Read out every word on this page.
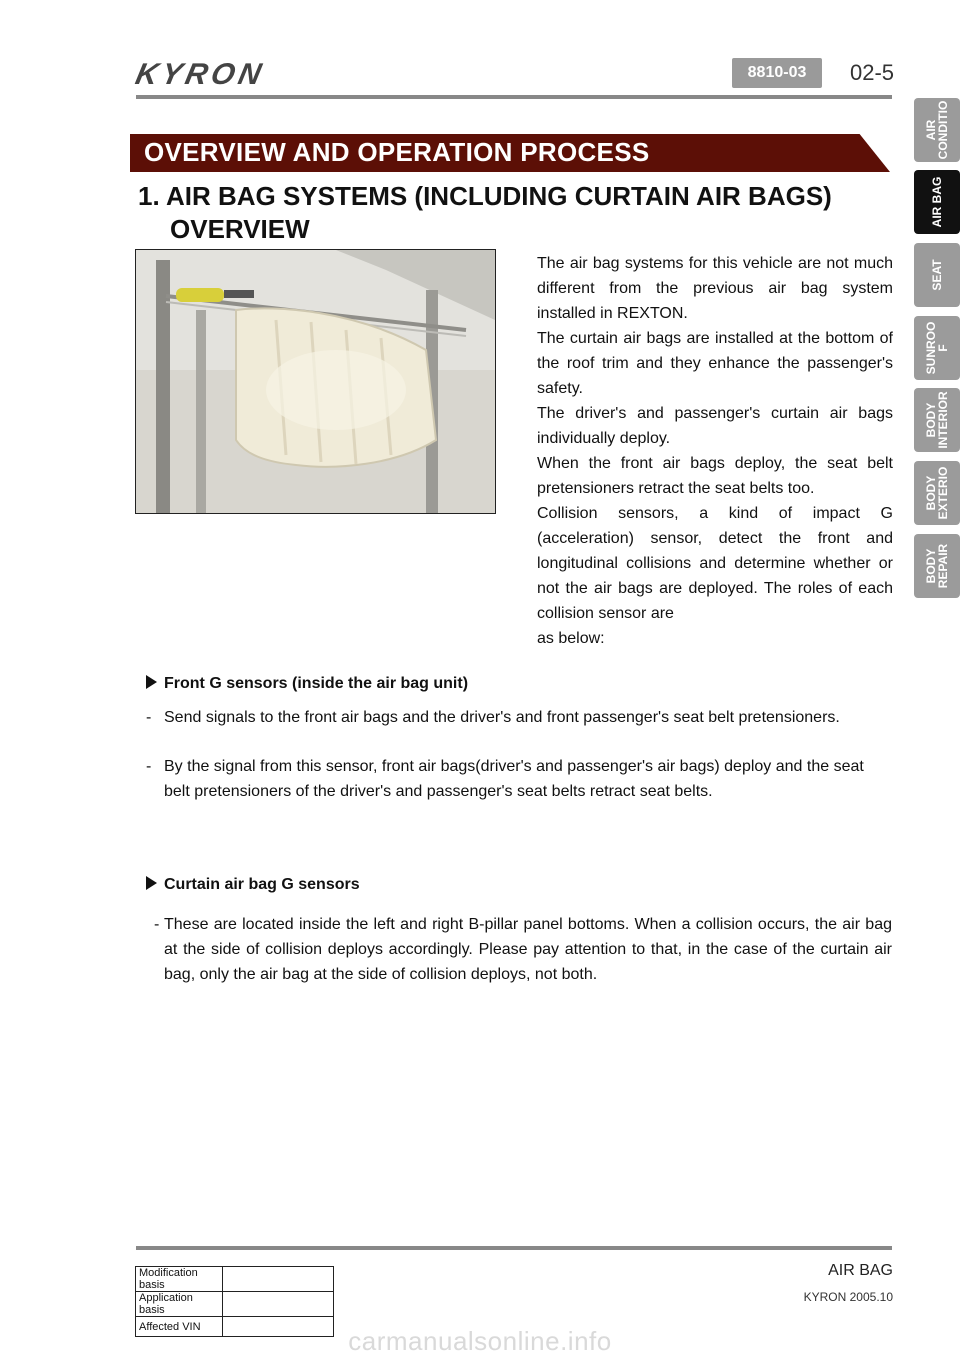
KYRON	8810-03	02-5
AIR
CONDITIO
AIR BAG
SEAT
SUNROO
F
BODY
INTERIOR
BODY
EXTERIO
BODY
REPAIR
OVERVIEW AND OPERATION PROCESS
1. AIR BAG SYSTEMS (INCLUDING CURTAIN AIR BAGS)
OVERVIEW

The air bag systems for this vehicle are not much different from the previous air bag system installed in REXTON.

The curtain air bags are installed at the bottom of the roof trim and they enhance the passenger's safety.

The driver's and passenger's curtain air bags individually deploy.

When the front air bags deploy, the seat belt pretensioners retract the seat belts too.

Collision sensors, a kind of impact G (acceleration) sensor, detect the front and longitudinal collisions and determine whether or not the air bags are deployed. The roles of each collision sensor are

as below:

Front G sensors (inside the air bag unit)
- Send signals to the front air bags and the driver's and front passenger's seat belt pretensioners.
- By the signal from this sensor, front air bags(driver's and passenger's air bags) deploy and the seat belt pretensioners of the driver's and passenger's seat belts retract seat belts.
Curtain air bag G sensors
- These are located inside the left and right B-pillar panel bottoms. When a collision occurs, the air bag at the side of collision deploys accordingly. Please pay attention to that, in the case of the curtain air bag, only the air bag at the side of collision deploys, not both.
AIR BAG
KYRON 2005.10
Modification basis	
Application basis	
Affected VIN		carmanualsonline.info
